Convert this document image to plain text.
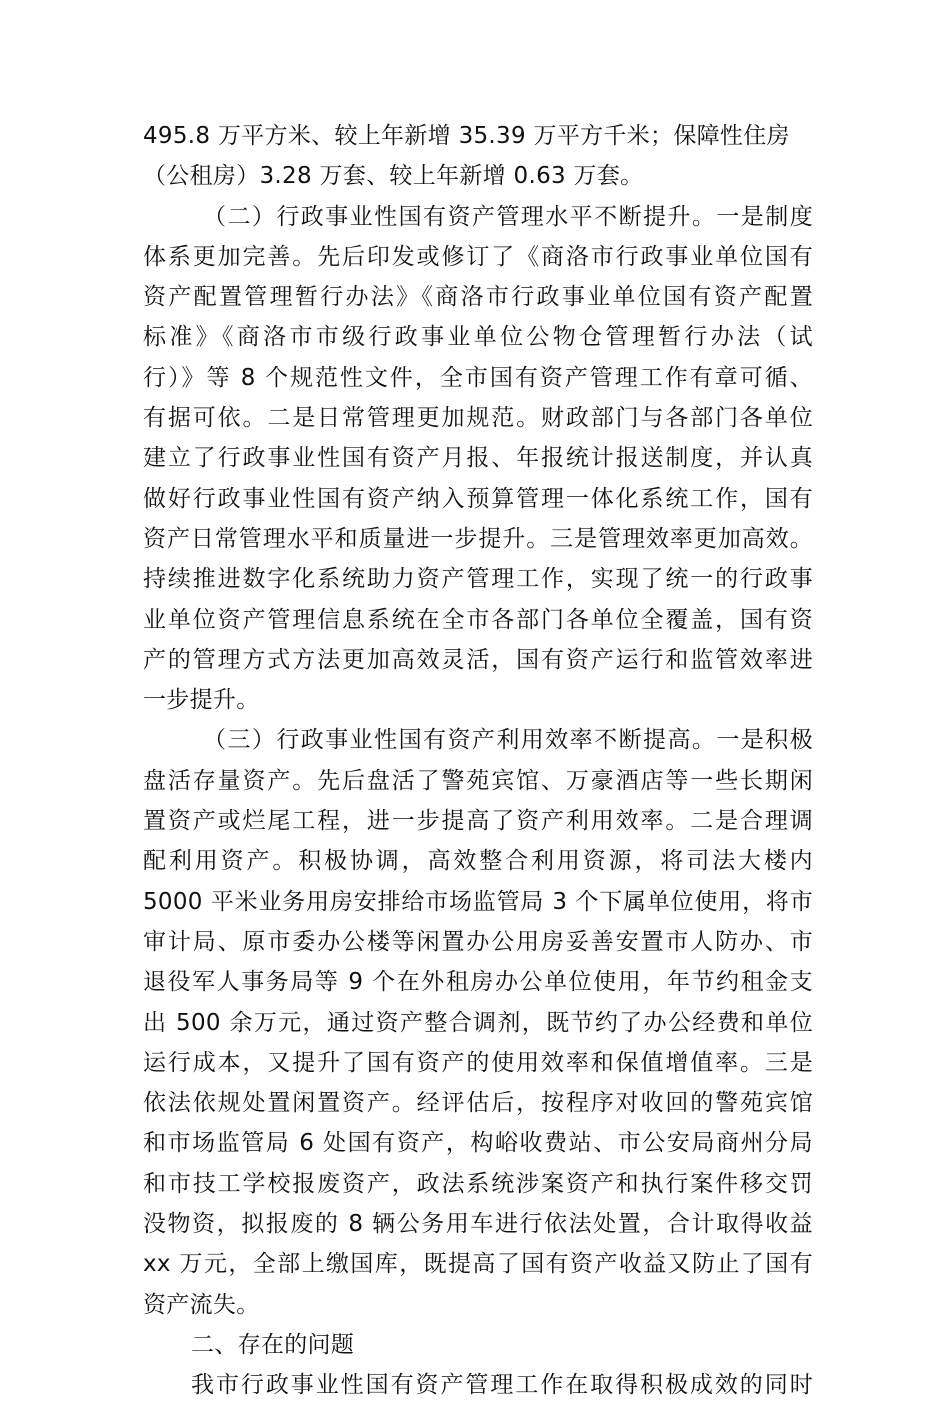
495.8 万平方米、较上年新增 35.39 万平方千米；保障性住房
（公租房）3.28 万套、较上年新增 0.63 万套。
（二）行政事业性国有资产管理水平不断提升。一是制度
体系更加完善。先后印发或修订了《商洛市行政事业单位国有
资产配置管理暂行办法》《商洛市行政事业单位国有资产配置
标准》《商洛市市级行政事业单位公物仓管理暂行办法（试
行）》等 8 个规范性文件，全市国有资产管理工作有章可循、
有据可依。二是日常管理更加规范。财政部门与各部门各单位
建立了行政事业性国有资产月报、年报统计报送制度，并认真
做好行政事业性国有资产纳入预算管理一体化系统工作，国有
资产日常管理水平和质量进一步提升。三是管理效率更加高效。
持续推进数字化系统助力资产管理工作，实现了统一的行政事
业单位资产管理信息系统在全市各部门各单位全覆盖，国有资
产的管理方式方法更加高效灵活，国有资产运行和监管效率进
一步提升。
（三）行政事业性国有资产利用效率不断提高。一是积极
盘活存量资产。先后盘活了警苑宾馆、万豪酒店等一些长期闲
置资产或烂尾工程，进一步提高了资产利用效率。二是合理调
配利用资产。积极协调，高效整合利用资源，将司法大楼内
5000 平米业务用房安排给市场监管局 3 个下属单位使用，将市
审计局、原市委办公楼等闲置办公用房妥善安置市人防办、市
退役军人事务局等 9 个在外租房办公单位使用，年节约租金支
出 500 余万元，通过资产整合调剂，既节约了办公经费和单位
运行成本，又提升了国有资产的使用效率和保值增值率。三是
依法依规处置闲置资产。经评估后，按程序对收回的警苑宾馆
和市场监管局 6 处国有资产，构峪收费站、市公安局商州分局
和市技工学校报废资产，政法系统涉案资产和执行案件移交罚
没物资，拟报废的 8 辆公务用车进行依法处置，合计取得收益
xx 万元，全部上缴国库，既提高了国有资产收益又防止了国有
资产流失。
二、存在的问题
我市行政事业性国有资产管理工作在取得积极成效的同时
